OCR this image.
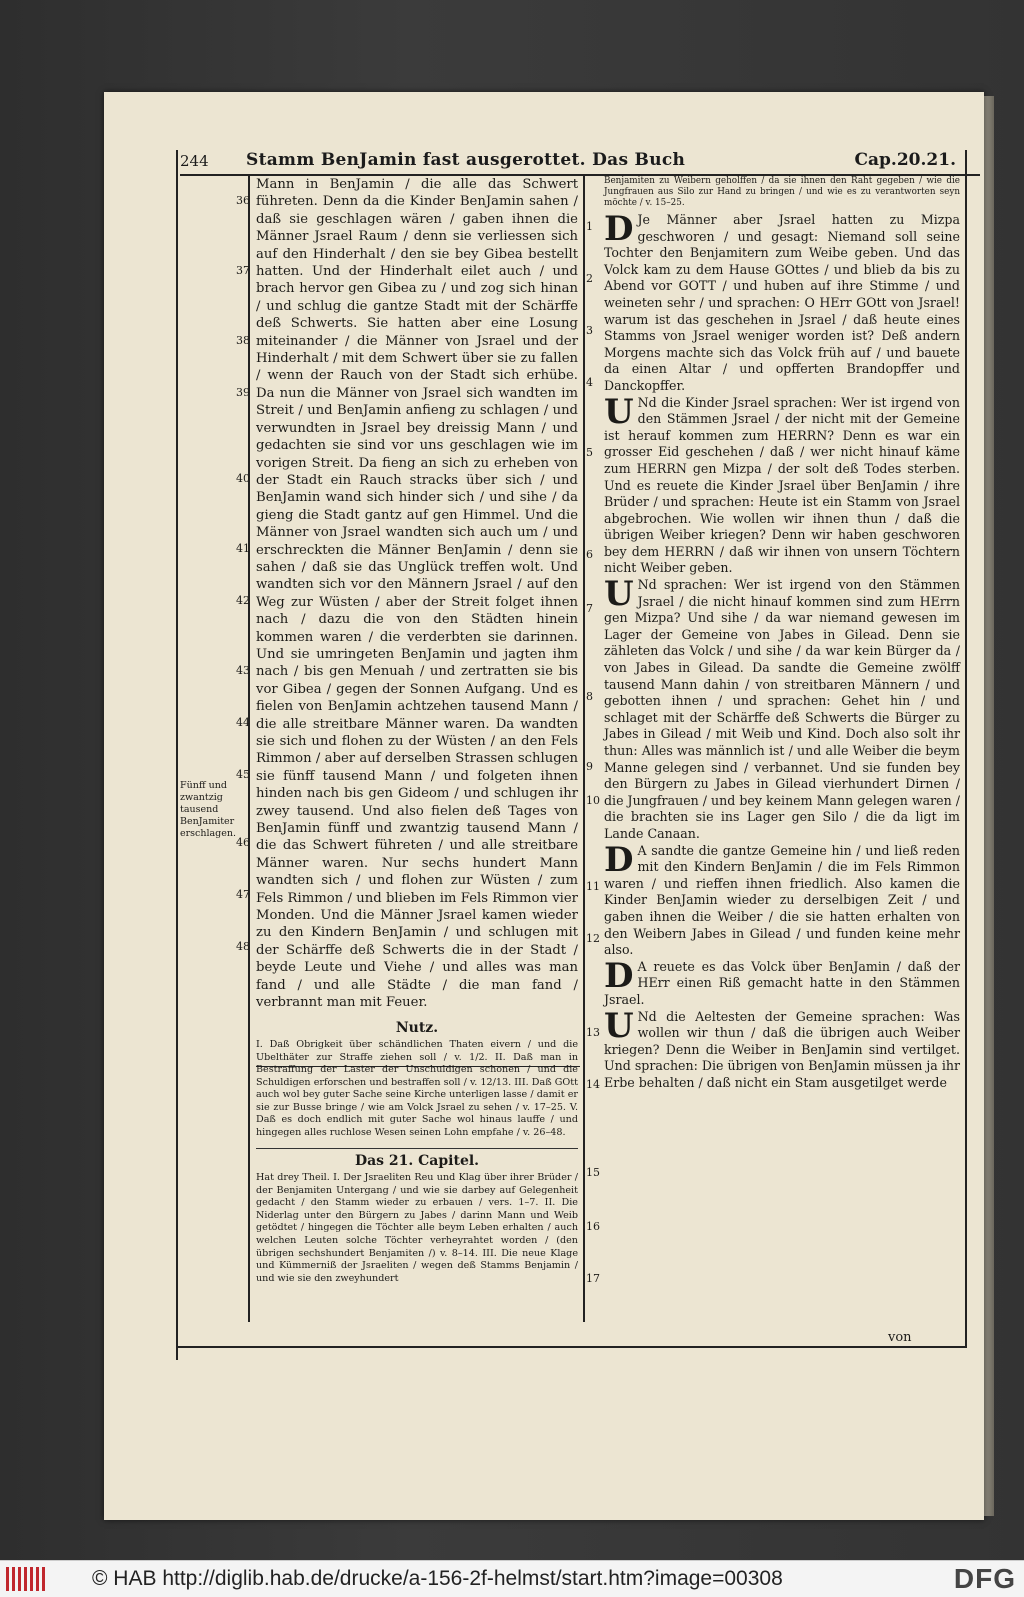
244 Stamm BenJamin fast ausgerottet. Das Buch	Cap.20.21.
Fünff und zwantzig tausend BenJamiter erschlagen.
36
37
38
39
40
41
42
43
44
45
46
47
48

Mann in BenJamin / die alle das Schwert führeten. Denn da die Kinder BenJamin sahen / daß sie geschlagen wären / gaben ihnen die Männer Jsrael Raum / denn sie verliessen sich auf den Hinderhalt / den sie bey Gibea bestellt hatten. Und der Hinderhalt eilet auch / und brach hervor gen Gibea zu / und zog sich hinan / und schlug die gantze Stadt mit der Schärffe deß Schwerts. Sie hatten aber eine Losung miteinander / die Männer von Jsrael und der Hinderhalt / mit dem Schwert über sie zu fallen / wenn der Rauch von der Stadt sich erhübe. Da nun die Männer von Jsrael sich wandten im Streit / und BenJamin anfieng zu schlagen / und verwundten in Jsrael bey dreissig Mann / und gedachten sie sind vor uns geschlagen wie im vorigen Streit. Da fieng an sich zu erheben von der Stadt ein Rauch stracks über sich / und BenJamin wand sich hinder sich / und sihe / da gieng die Stadt gantz auf gen Himmel. Und die Männer von Jsrael wandten sich auch um / und erschreckten die Männer BenJamin / denn sie sahen / daß sie das Unglück treffen wolt. Und wandten sich vor den Männern Jsrael / auf den Weg zur Wüsten / aber der Streit folget ihnen nach / dazu die von den Städten hinein kommen waren / die verderbten sie darinnen. Und sie umringeten BenJamin und jagten ihm nach / bis gen Menuah / und zertratten sie bis vor Gibea / gegen der Sonnen Aufgang. Und es fielen von BenJamin achtzehen tausend Mann / die alle streitbare Männer waren. Da wandten sie sich und flohen zu der Wüsten / an den Fels Rimmon / aber auf derselben Strassen schlugen sie fünff tausend Mann / und folgeten ihnen hinden nach bis gen Gideom / und schlugen ihr zwey tausend. Und also fielen deß Tages von BenJamin fünff und zwantzig tausend Mann / die das Schwert führeten / und alle streitbare Männer waren. Nur sechs hundert Mann wandten sich / und flohen zur Wüsten / zum Fels Rimmon / und blieben im Fels Rimmon vier Monden. Und die Männer Jsrael kamen wieder zu den Kindern BenJamin / und schlugen mit der Schärffe deß Schwerts die in der Stadt / beyde Leute und Viehe / und alles was man fand / und alle Städte / die man fand / verbrannt man mit Feuer.

Nutz.

I. Daß Obrigkeit über schändlichen Thaten eivern / und die Ubelthäter zur Straffe ziehen soll / v. 1/2. II. Daß man in Bestraffung der Laster der Unschuldigen schonen / und die Schuldigen erforschen und bestraffen soll / v. 12/13. III. Daß GOtt auch wol bey guter Sache seine Kirche unterligen lasse / damit er sie zur Busse bringe / wie am Volck Jsrael zu sehen / v. 17–25. V. Daß es doch endlich mit guter Sache wol hinaus lauffe / und hingegen alles ruchlose Wesen seinen Lohn empfahe / v. 26–48.

Das 21. Capitel.

Hat drey Theil. I. Der Jsraeliten Reu und Klag über ihrer Brüder / der Benjamiten Untergang / und wie sie darbey auf Gelegenheit gedacht / den Stamm wieder zu erbauen / vers. 1–7. II. Die Niderlag unter den Bürgern zu Jabes / darinn Mann und Weib getödtet / hingegen die Töchter alle beym Leben erhalten / auch welchen Leuten solche Töchter verheyrahtet worden / (den übrigen sechshundert Benjamiten /) v. 8–14. III. Die neue Klage und Kümmerniß der Jsraeliten / wegen deß Stamms Benjamin / und wie sie den zweyhundert

1
2
3
4
5
6
7
8
9
10
11
12
13
14
15
16
17

Benjamiten zu Weibern geholffen / da sie ihnen den Raht gegeben / wie die Jungfrauen aus Silo zur Hand zu bringen / und wie es zu verantworten seyn möchte / v. 15–25.

D Je Männer aber Jsrael hatten zu Mizpa geschworen / und gesagt: Niemand soll seine Tochter den Benjamitern zum Weibe geben. Und das Volck kam zu dem Hause GOttes / und blieb da bis zu Abend vor GOTT / und huben auf ihre Stimme / und weineten sehr / und sprachen: O HErr GOtt von Jsrael! warum ist das geschehen in Jsrael / daß heute eines Stamms von Jsrael weniger worden ist? Deß andern Morgens machte sich das Volck früh auf / und bauete da einen Altar / und opfferten Brandopffer und Danckopffer.

U Nd die Kinder Jsrael sprachen: Wer ist irgend von den Stämmen Jsrael / der nicht mit der Gemeine ist herauf kommen zum HERRN? Denn es war ein grosser Eid geschehen / daß / wer nicht hinauf käme zum HERRN gen Mizpa / der solt deß Todes sterben. Und es reuete die Kinder Jsrael über BenJamin / ihre Brüder / und sprachen: Heute ist ein Stamm von Jsrael abgebrochen. Wie wollen wir ihnen thun / daß die übrigen Weiber kriegen? Denn wir haben geschworen bey dem HERRN / daß wir ihnen von unsern Töchtern nicht Weiber geben.

U Nd sprachen: Wer ist irgend von den Stämmen Jsrael / die nicht hinauf kommen sind zum HErrn gen Mizpa? Und sihe / da war niemand gewesen im Lager der Gemeine von Jabes in Gilead. Denn sie zähleten das Volck / und sihe / da war kein Bürger da / von Jabes in Gilead. Da sandte die Gemeine zwölff tausend Mann dahin / von streitbaren Männern / und gebotten ihnen / und sprachen: Gehet hin / und schlaget mit der Schärffe deß Schwerts die Bürger zu Jabes in Gilead / mit Weib und Kind. Doch also solt ihr thun: Alles was männlich ist / und alle Weiber die beym Manne gelegen sind / verbannet. Und sie funden bey den Bürgern zu Jabes in Gilead vierhundert Dirnen / die Jungfrauen / und bey keinem Mann gelegen waren / die brachten sie ins Lager gen Silo / die da ligt im Lande Canaan.

D A sandte die gantze Gemeine hin / und ließ reden mit den Kindern BenJamin / die im Fels Rimmon waren / und rieffen ihnen friedlich. Also kamen die Kinder BenJamin wieder zu derselbigen Zeit / und gaben ihnen die Weiber / die sie hatten erhalten von den Weibern Jabes in Gilead / und funden keine mehr also.

D A reuete es das Volck über BenJamin / daß der HErr einen Riß gemacht hatte in den Stämmen Jsrael.

U Nd die Aeltesten der Gemeine sprachen: Was wollen wir thun / daß die übrigen auch Weiber kriegen? Denn die Weiber in BenJamin sind vertilget. Und sprachen: Die übrigen von BenJamin müssen ja ihr Erbe behalten / daß nicht ein Stam ausgetilget werde

von
© HAB http://diglib.hab.de/drucke/a-156-2f-helmst/start.htm?image=00308	DFG
